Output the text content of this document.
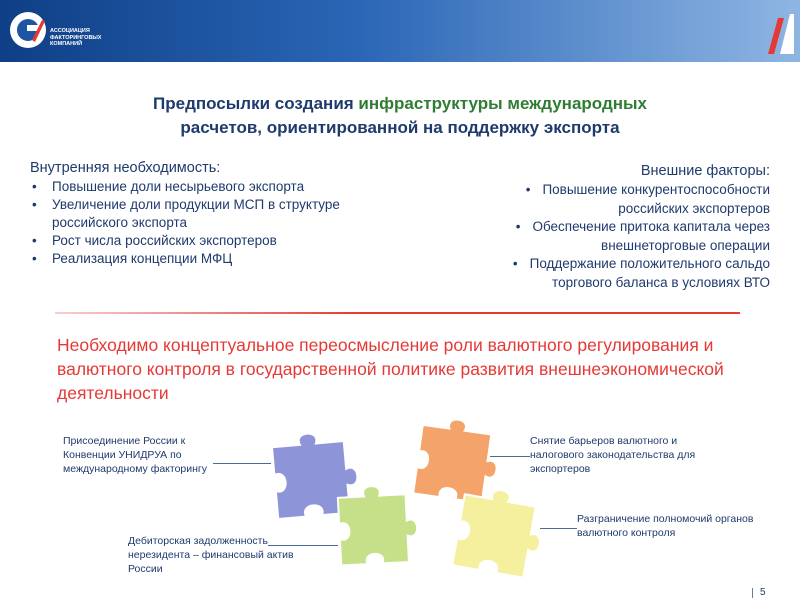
АССОЦИАЦИЯ
ФАКТОРИНГОВЫХ
КОМПАНИЙ
Предпосылки создания инфраструктуры международных
расчетов, ориентированной на поддержку экспорта
Внутренняя необходимость:
• Повышение доли несырьевого экспорта
• Увеличение доли продукции МСП в структуре российского экспорта
• Рост числа российских экспортеров
• Реализация концепции МФЦ
Внешние факторы:
• Повышение конкурентоспособности
российских экспортеров
• Обеспечение притока капитала через
внешнеторговые операции
• Поддержание положительного сальдо
торгового баланса в условиях ВТО
Необходимо концептуальное переосмысление роли валютного регулирования и валютного контроля в государственной политике развития внешнеэкономической деятельности
Присоединение России к Конвенции УНИДРУА по международному факторингу
Снятие барьеров валютного и налогового законодательства для экспортеров
Дебиторская задолженность нерезидента – финансовый актив России
Разграничение полномочий органов валютного контроля
5
